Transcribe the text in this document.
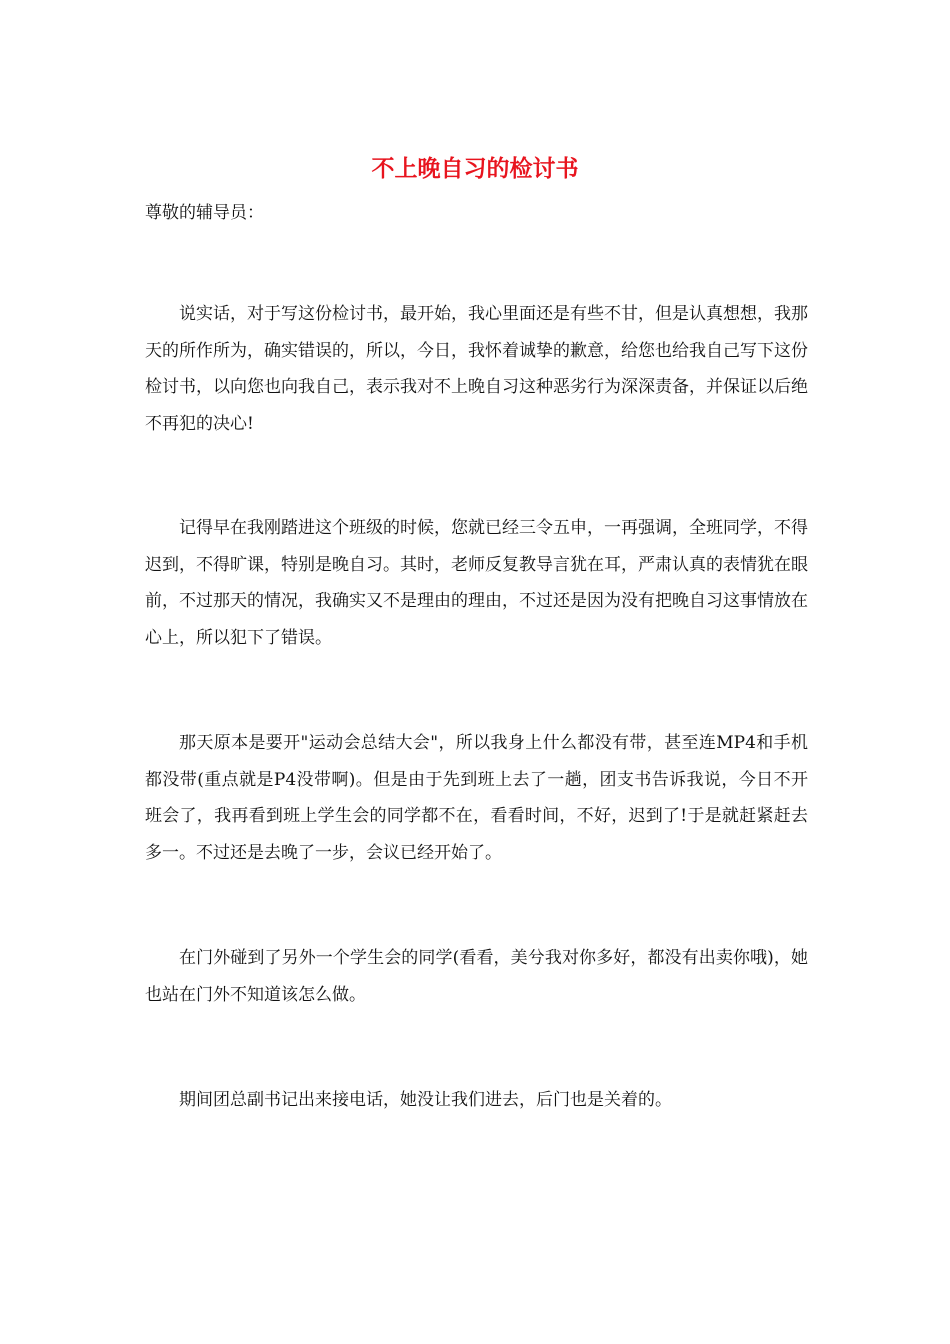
不上晚自习的检讨书
尊敬的辅导员：

说实话，对于写这份检讨书，最开始，我心里面还是有些不甘，但是认真想想，我那天的所作所为，确实错误的，所以，今日，我怀着诚挚的歉意，给您也给我自己写下这份检讨书，以向您也向我自己，表示我对不上晚自习这种恶劣行为深深责备，并保证以后绝不再犯的决心!

记得早在我刚踏进这个班级的时候，您就已经三令五申，一再强调，全班同学，不得迟到，不得旷课，特别是晚自习。其时，老师反复教导言犹在耳，严肃认真的表情犹在眼前，不过那天的情况，我确实又不是理由的理由，不过还是因为没有把晚自习这事情放在心上，所以犯下了错误。

那天原本是要开"运动会总结大会"，所以我身上什么都没有带，甚至连MP4和手机都没带(重点就是P4没带啊)。但是由于先到班上去了一趟，团支书告诉我说，今日不开班会了，我再看到班上学生会的同学都不在，看看时间，不好，迟到了!于是就赶紧赶去多一。不过还是去晚了一步，会议已经开始了。

在门外碰到了另外一个学生会的同学(看看，美兮我对你多好，都没有出卖你哦)，她也站在门外不知道该怎么做。

期间团总副书记出来接电话，她没让我们进去，后门也是关着的。
